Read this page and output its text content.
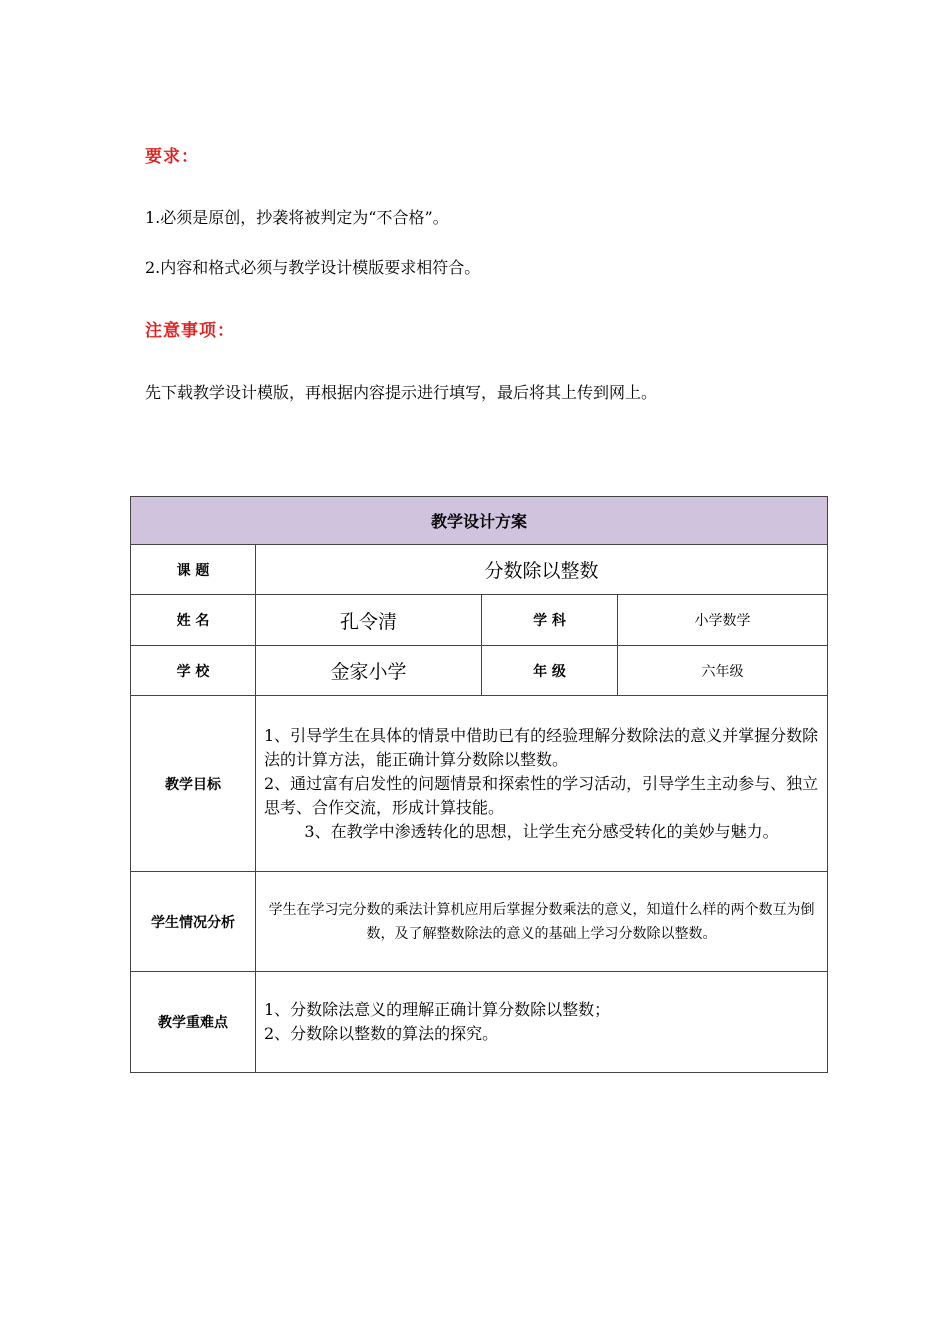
要求：
1.必须是原创，抄袭将被判定为“不合格”。
2.内容和格式必须与教学设计模版要求相符合。
注意事项：
先下载教学设计模版，再根据内容提示进行填写，最后将其上传到网上。
教学设计方案			
课 题	分数除以整数		
姓 名	孔令清	学 科	小学数学
学 校	金家小学	年 级	六年级
教学目标	1、引导学生在具体的情景中借助已有的经验理解分数除法的意义并掌握分数除法的计算方法，能正确计算分数除以整数。
2、通过富有启发性的问题情景和探索性的学习活动，引导学生主动参与、独立思考、合作交流，形成计算技能。
3、在教学中渗透转化的思想，让学生充分感受转化的美妙与魅力。		

学生情况分析	学生在学习完分数的乘法计算机应用后掌握分数乘法的意义，知道什么样的两个数互为倒数，及了解整数除法的意义的基础上学习分数除以整数。		
教学重难点	1、分数除法意义的理解正确计算分数除以整数；
2、分数除以整数的算法的探究。		
